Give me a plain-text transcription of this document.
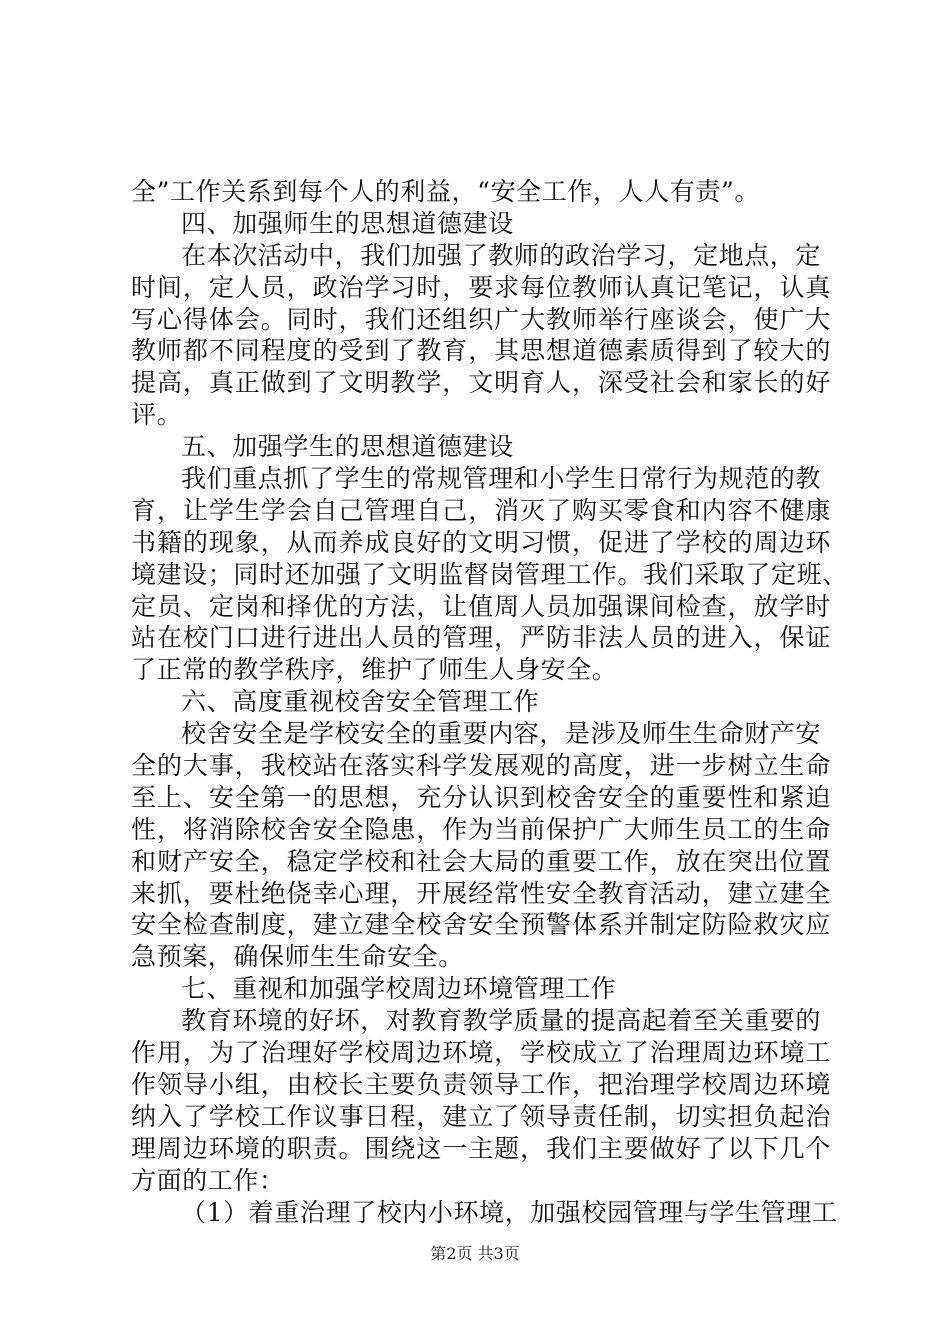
全”工作关系到每个人的利益，“安全工作，人人有责”。
四、加强师生的思想道德建设
在本次活动中，我们加强了教师的政治学习，定地点，定
时间，定人员，政治学习时，要求每位教师认真记笔记，认真
写心得体会。同时，我们还组织广大教师举行座谈会，使广大
教师都不同程度的受到了教育，其思想道德素质得到了较大的
提高，真正做到了文明教学，文明育人，深受社会和家长的好
评。
五、加强学生的思想道德建设
我们重点抓了学生的常规管理和小学生日常行为规范的教
育，让学生学会自己管理自己，消灭了购买零食和内容不健康
书籍的现象，从而养成良好的文明习惯，促进了学校的周边环
境建设；同时还加强了文明监督岗管理工作。我们采取了定班、
定员、定岗和择优的方法，让值周人员加强课间检查，放学时
站在校门口进行进出人员的管理，严防非法人员的进入，保证
了正常的教学秩序，维护了师生人身安全。
六、高度重视校舍安全管理工作
校舍安全是学校安全的重要内容，是涉及师生生命财产安
全的大事，我校站在落实科学发展观的高度，进一步树立生命
至上、安全第一的思想，充分认识到校舍安全的重要性和紧迫
性，将消除校舍安全隐患，作为当前保护广大师生员工的生命
和财产安全，稳定学校和社会大局的重要工作，放在突出位置
来抓，要杜绝侥幸心理，开展经常性安全教育活动，建立建全
安全检查制度，建立建全校舍安全预警体系并制定防险救灾应
急预案，确保师生生命安全。
七、重视和加强学校周边环境管理工作
教育环境的好坏，对教育教学质量的提高起着至关重要的
作用，为了治理好学校周边环境，学校成立了治理周边环境工
作领导小组，由校长主要负责领导工作，把治理学校周边环境
纳入了学校工作议事日程，建立了领导责任制，切实担负起治
理周边环境的职责。围绕这一主题，我们主要做好了以下几个
方面的工作：
（1）着重治理了校内小环境，加强校园管理与学生管理工
第2页 共3页
